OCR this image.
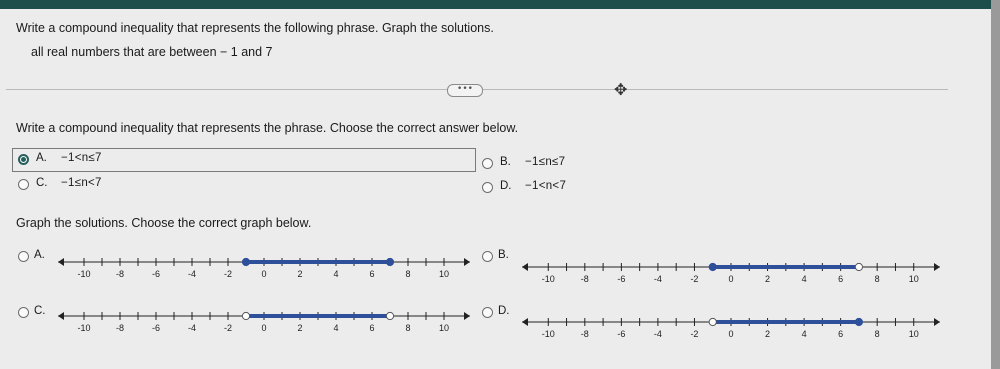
Write a compound inequality that represents the following phrase. Graph the solutions.
all real numbers that are between − 1 and 7
•••	✥
Write a compound inequality that represents the phrase. Choose the correct answer below.
A. −1<n≤7	B. −1≤n≤7
C. −1≤n<7	D. −1<n<7
Graph the solutions. Choose the correct graph below.
A.
-10	-8	-6	-4	-2	0	2	4	6	8	10
B.
-10	-8	-6	-4	-2	0	2	4	6	8	10
C.
-10	-8	-6	-4	-2	0	2	4	6	8	10
D.
-10	-8	-6	-4	-2	0	2	4	6	8	10
